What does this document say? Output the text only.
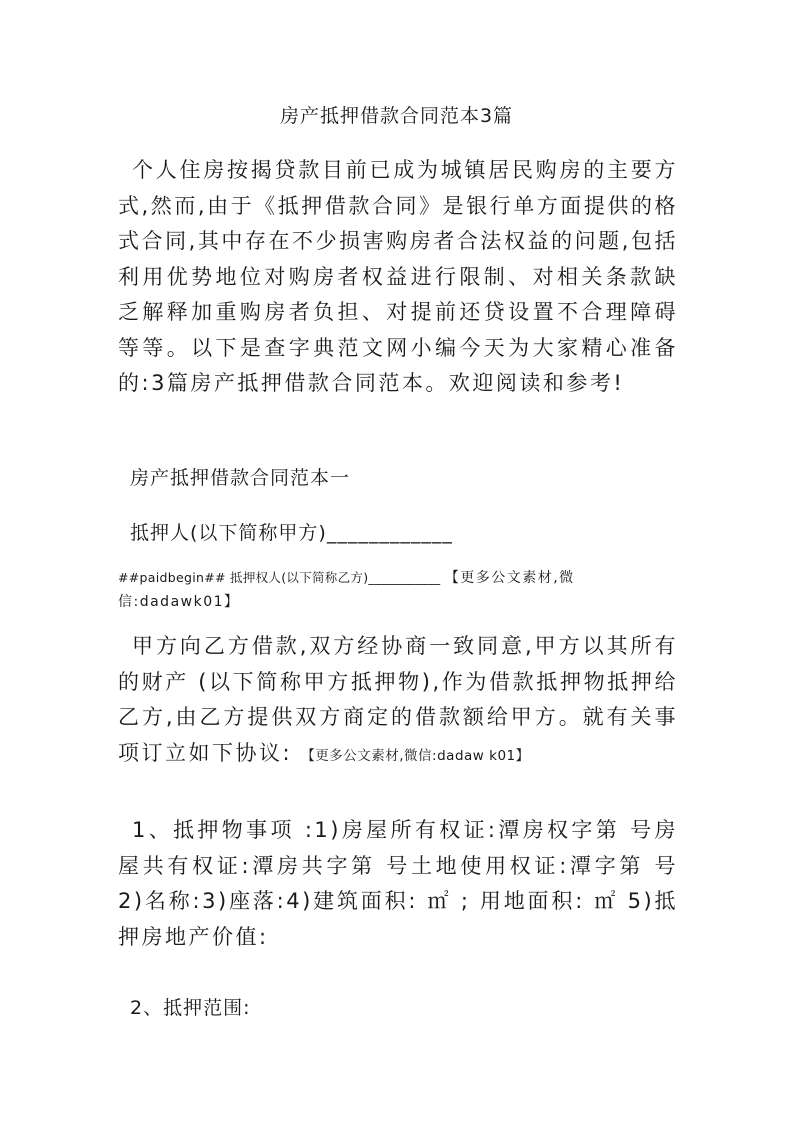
房产抵押借款合同范本3篇
个人住房按揭贷款目前已成为城镇居民购房的主要方式,然而,由于《抵押借款合同》是银行单方面提供的格式合同,其中存在不少损害购房者合法权益的问题,包括利用优势地位对购房者权益进行限制、对相关条款缺乏解释加重购房者负担、对提前还贷设置不合理障碍等等。以下是查字典范文网小编今天为大家精心准备的:3篇房产抵押借款合同范本。欢迎阅读和参考!
房产抵押借款合同范本一
抵押人(以下简称甲方)____________
##paidbegin## 抵押权人(以下简称乙方)___________ 【更多公文素材,微信:dadawk01】
甲方向乙方借款,双方经协商一致同意,甲方以其所有的财产 (以下简称甲方抵押物),作为借款抵押物抵押给乙方,由乙方提供双方商定的借款额给甲方。就有关事项订立如下协议: 【更多公文素材,微信:dadaw k01】
1、抵押物事项 :1)房屋所有权证:潭房权字第 号房屋共有权证:潭房共字第 号土地使用权证:潭字第 号 2)名称:3)座落:4)建筑面积: ㎡ ; 用地面积: ㎡ 5)抵押房地产价值:
2、抵押范围:
